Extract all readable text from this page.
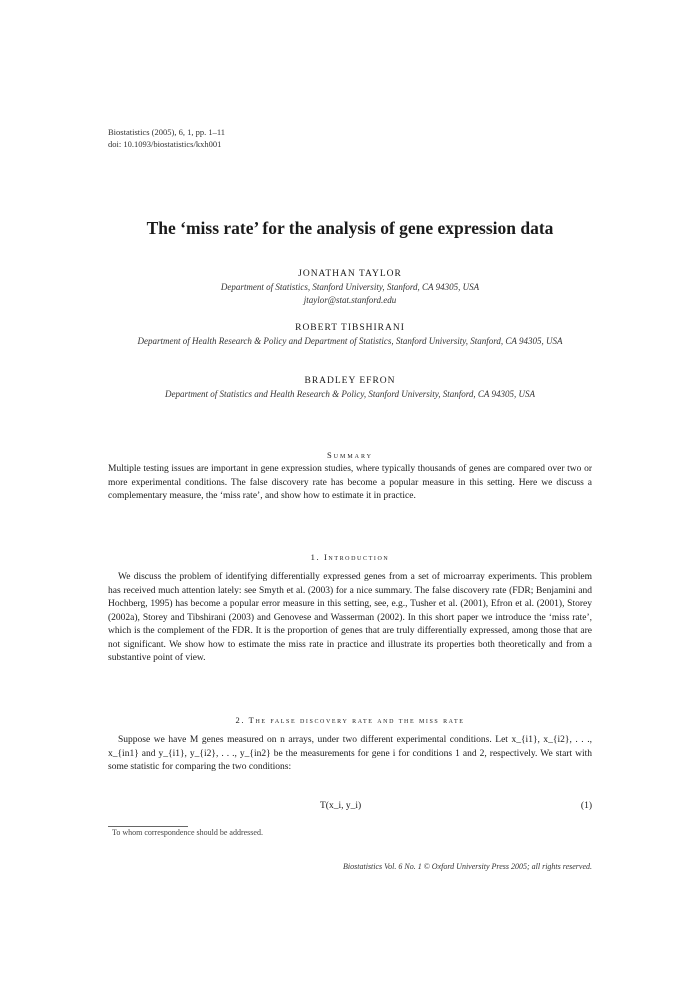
Biostatistics (2005), 6, 1, pp. 1–11
doi: 10.1093/biostatistics/kxh001
The ‘miss rate’ for the analysis of gene expression data
JONATHAN TAYLOR
Department of Statistics, Stanford University, Stanford, CA 94305, USA
jtaylor@stat.stanford.edu
ROBERT TIBSHIRANI
Department of Health Research & Policy and Department of Statistics, Stanford University, Stanford, CA 94305, USA
BRADLEY EFRON
Department of Statistics and Health Research & Policy, Stanford University, Stanford, CA 94305, USA
Summary
Multiple testing issues are important in gene expression studies, where typically thousands of genes are compared over two or more experimental conditions. The false discovery rate has become a popular measure in this setting. Here we discuss a complementary measure, the ‘miss rate’, and show how to estimate it in practice.
1. Introduction
We discuss the problem of identifying differentially expressed genes from a set of microarray experiments. This problem has received much attention lately: see Smyth et al. (2003) for a nice summary. The false discovery rate (FDR; Benjamini and Hochberg, 1995) has become a popular error measure in this setting, see, e.g., Tusher et al. (2001), Efron et al. (2001), Storey (2002a), Storey and Tibshirani (2003) and Genovese and Wasserman (2002). In this short paper we introduce the ‘miss rate’, which is the complement of the FDR. It is the proportion of genes that are truly differentially expressed, among those that are not significant. We show how to estimate the miss rate in practice and illustrate its properties both theoretically and from a substantive point of view.
2. The false discovery rate and the miss rate
Suppose we have M genes measured on n arrays, under two different experimental conditions. Let x_{i1}, x_{i2}, . . ., x_{in1} and y_{i1}, y_{i2}, . . ., y_{in2} be the measurements for gene i for conditions 1 and 2, respectively. We start with some statistic for comparing the two conditions:
T(x_i, y_i)	(1)
To whom correspondence should be addressed.
Biostatistics Vol. 6 No. 1 © Oxford University Press 2005; all rights reserved.
